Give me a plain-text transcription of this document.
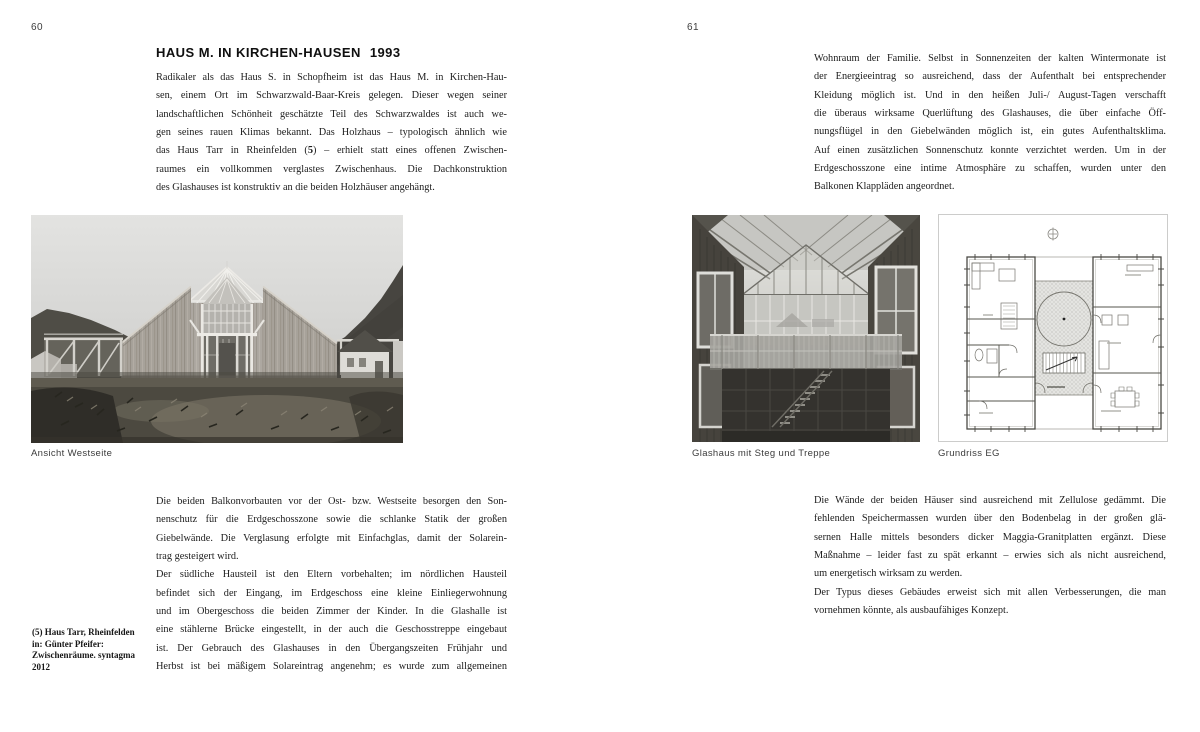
60	61
HAUS M. IN KIRCHEN-HAUSEN 1993
Radikaler als das Haus S. in Schopfheim ist das Haus M. in Kirchen-Hau-
sen, einem Ort im Schwarzwald-Baar-Kreis gelegen. Dieser wegen seiner
landschaftlichen Schönheit geschätzte Teil des Schwarzwaldes ist auch we-
gen seines rauen Klimas bekannt. Das Holzhaus – typologisch ähnlich wie
das Haus Tarr in Rheinfelden (5) – erhielt statt eines offenen Zwischen-
raumes ein vollkommen verglastes Zwischenhaus. Die Dachkonstruktion
des Glashauses ist konstruktiv an die beiden Holzhäuser angehängt.
Ansicht Westseite
Die beiden Balkonvorbauten vor der Ost- bzw. Westseite besorgen den Son-
nenschutz für die Erdgeschosszone sowie die schlanke Statik der großen
Giebelwände. Die Verglasung erfolgte mit Einfachglas, damit der Solarein-
trag gesteigert wird.
Der südliche Hausteil ist den Eltern vorbehalten; im nördlichen Hausteil
befindet sich der Eingang, im Erdgeschoss eine kleine Einliegerwohnung
und im Obergeschoss die beiden Zimmer der Kinder. In die Glashalle ist
eine stählerne Brücke eingestellt, in der auch die Geschosstreppe eingebaut
ist. Der Gebrauch des Glashauses in den Übergangszeiten Frühjahr und
Herbst ist bei mäßigem Solareintrag angenehm; es wurde zum allgemeinen
(5) Haus Tarr, Rheinfelden
in: Günter Pfeifer:
Zwischenräume. syntagma
2012
Wohnraum der Familie. Selbst in Sonnenzeiten der kalten Wintermonate ist
der Energieeintrag so ausreichend, dass der Aufenthalt bei entsprechender
Kleidung möglich ist. Und in den heißen Juli-/ August-Tagen verschafft
die überaus wirksame Querlüftung des Glashauses, die über einfache Öff-
nungsflügel in den Giebelwänden möglich ist, ein gutes Aufenthaltsklima.
Auf einen zusätzlichen Sonnenschutz konnte verzichtet werden. Um in der
Erdgeschosszone eine intime Atmosphäre zu schaffen, wurden unter den
Balkonen Klappläden angeordnet.
Glashaus mit Steg und Treppe	Grundriss EG
Die Wände der beiden Häuser sind ausreichend mit Zellulose gedämmt. Die
fehlenden Speichermassen wurden über den Bodenbelag in der großen glä-
sernen Halle mittels besonders dicker Maggia-Granitplatten ergänzt. Diese
Maßnahme – leider fast zu spät erkannt – erwies sich als nicht ausreichend,
um energetisch wirksam zu werden.
Der Typus dieses Gebäudes erweist sich mit allen Verbesserungen, die man
vornehmen könnte, als ausbaufähiges Konzept.
